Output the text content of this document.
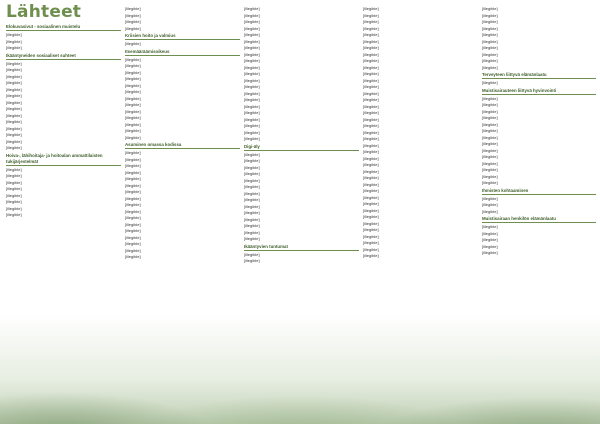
Lähteet
Elokuvasivut - sosiaalinen muistelu
[illegible]
[illegible]
[illegible]
Ikääntyneiden sosiaaliset suhteet
[illegible]
[illegible]
[illegible]
[illegible]
[illegible]
[illegible]
[illegible]
[illegible]
[illegible]
[illegible]
[illegible]
[illegible]
[illegible]
[illegible]
Hoiva-, lähihoitaja- ja hoitoalan ammattilaisten tukijärjestelmät
[illegible]
[illegible]
[illegible]
[illegible]
[illegible]
[illegible]
[illegible]
[illegible]
[illegible]
[illegible]
[illegible]
[illegible]
Kriisien hoito ja valmius
[illegible]
Itsemääräämisoikeus
[illegible]
[illegible]
[illegible]
[illegible]
[illegible]
[illegible]
[illegible]
[illegible]
[illegible]
[illegible]
[illegible]
[illegible]
[illegible]
Asuminen omassa kodissa
[illegible]
[illegible]
[illegible]
[illegible]
[illegible]
[illegible]
[illegible]
[illegible]
[illegible]
[illegible]
[illegible]
[illegible]
[illegible]
[illegible]
[illegible]
[illegible]
[illegible]
[illegible]
[illegible]
[illegible]
[illegible]
[illegible]
[illegible]
[illegible]
[illegible]
[illegible]
[illegible]
[illegible]
[illegible]
[illegible]
[illegible]
[illegible]
[illegible]
[illegible]
[illegible]
[illegible]
[illegible]
[illegible]
Digi-äly
[illegible]
[illegible]
[illegible]
[illegible]
[illegible]
[illegible]
[illegible]
[illegible]
[illegible]
[illegible]
[illegible]
[illegible]
[illegible]
[illegible]
Ikääntyvien tuntumat
[illegible]
[illegible]
[illegible]
[illegible]
[illegible]
[illegible]
[illegible]
[illegible]
[illegible]
[illegible]
[illegible]
[illegible]
[illegible]
[illegible]
[illegible]
[illegible]
[illegible]
[illegible]
[illegible]
[illegible]
[illegible]
[illegible]
[illegible]
[illegible]
[illegible]
[illegible]
[illegible]
[illegible]
[illegible]
[illegible]
[illegible]
[illegible]
[illegible]
[illegible]
[illegible]
[illegible]
[illegible]
[illegible]
[illegible]
[illegible]
[illegible]
[illegible]
[illegible]
[illegible]
[illegible]
[illegible]
[illegible]
[illegible]
[illegible]
[illegible]
[illegible]
Terveyteen liittyvä elämänlaatu
[illegible]
Muistisairauteen liittyvä hyvinvointi
[illegible]
[illegible]
[illegible]
[illegible]
[illegible]
[illegible]
[illegible]
[illegible]
[illegible]
[illegible]
[illegible]
[illegible]
[illegible]
[illegible]
Ihmisten kohtaaminen
[illegible]
[illegible]
[illegible]
Muistisairaan henkilön elämänlaatu
[illegible]
[illegible]
[illegible]
[illegible]
[illegible]
